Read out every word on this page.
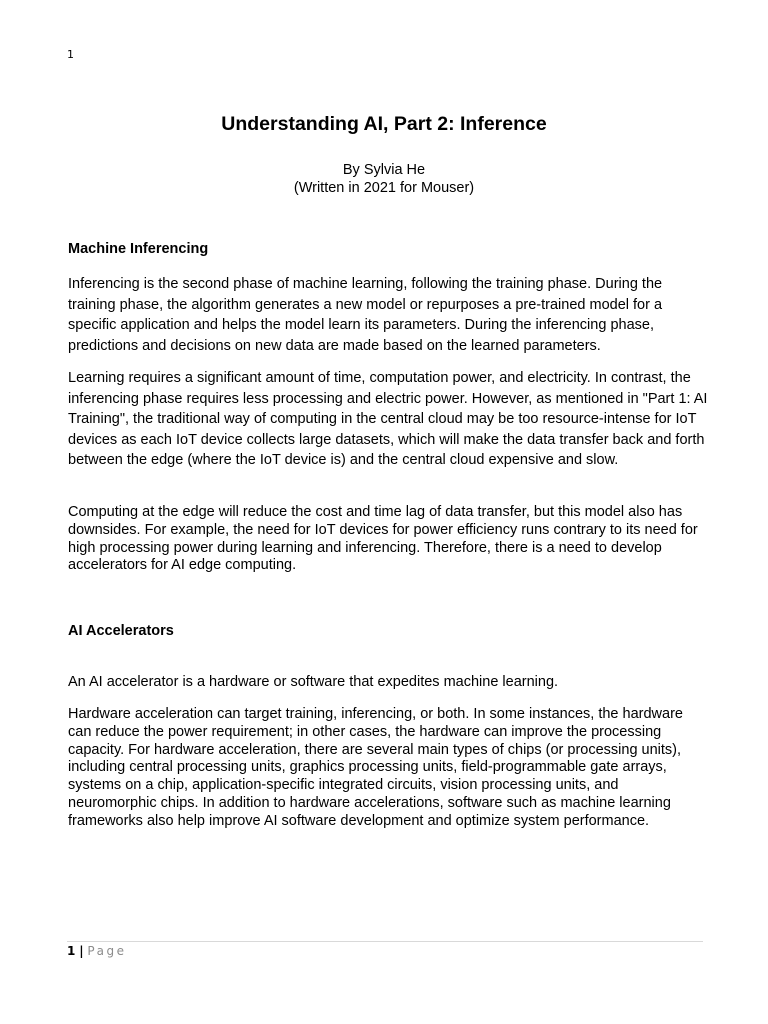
1
Understanding AI, Part 2: Inference
By Sylvia He
(Written in 2021 for Mouser)
Machine Inferencing

Inferencing is the second phase of machine learning, following the training phase. During the training phase, the algorithm generates a new model or repurposes a pre-trained model for a specific application and helps the model learn its parameters. During the inferencing phase, predictions and decisions on new data are made based on the learned parameters.

Learning requires a significant amount of time, computation power, and electricity. In contrast, the inferencing phase requires less processing and electric power. However, as mentioned in "Part 1: AI Training", the traditional way of computing in the central cloud may be too resource-intense for IoT devices as each IoT device collects large datasets, which will make the data transfer back and forth between the edge (where the IoT device is) and the central cloud expensive and slow.

Computing at the edge will reduce the cost and time lag of data transfer, but this model also has downsides. For example, the need for IoT devices for power efficiency runs contrary to its need for high processing power during learning and inferencing. Therefore, there is a need to develop accelerators for AI edge computing.

AI Accelerators

An AI accelerator is a hardware or software that expedites machine learning.

Hardware acceleration can target training, inferencing, or both. In some instances, the hardware can reduce the power requirement; in other cases, the hardware can improve the processing capacity. For hardware acceleration, there are several main types of chips (or processing units), including central processing units, graphics processing units, field-programmable gate arrays, systems on a chip, application-specific integrated circuits, vision processing units, and neuromorphic chips. In addition to hardware accelerations, software such as machine learning frameworks also help improve AI software development and optimize system performance.

1 | Page
